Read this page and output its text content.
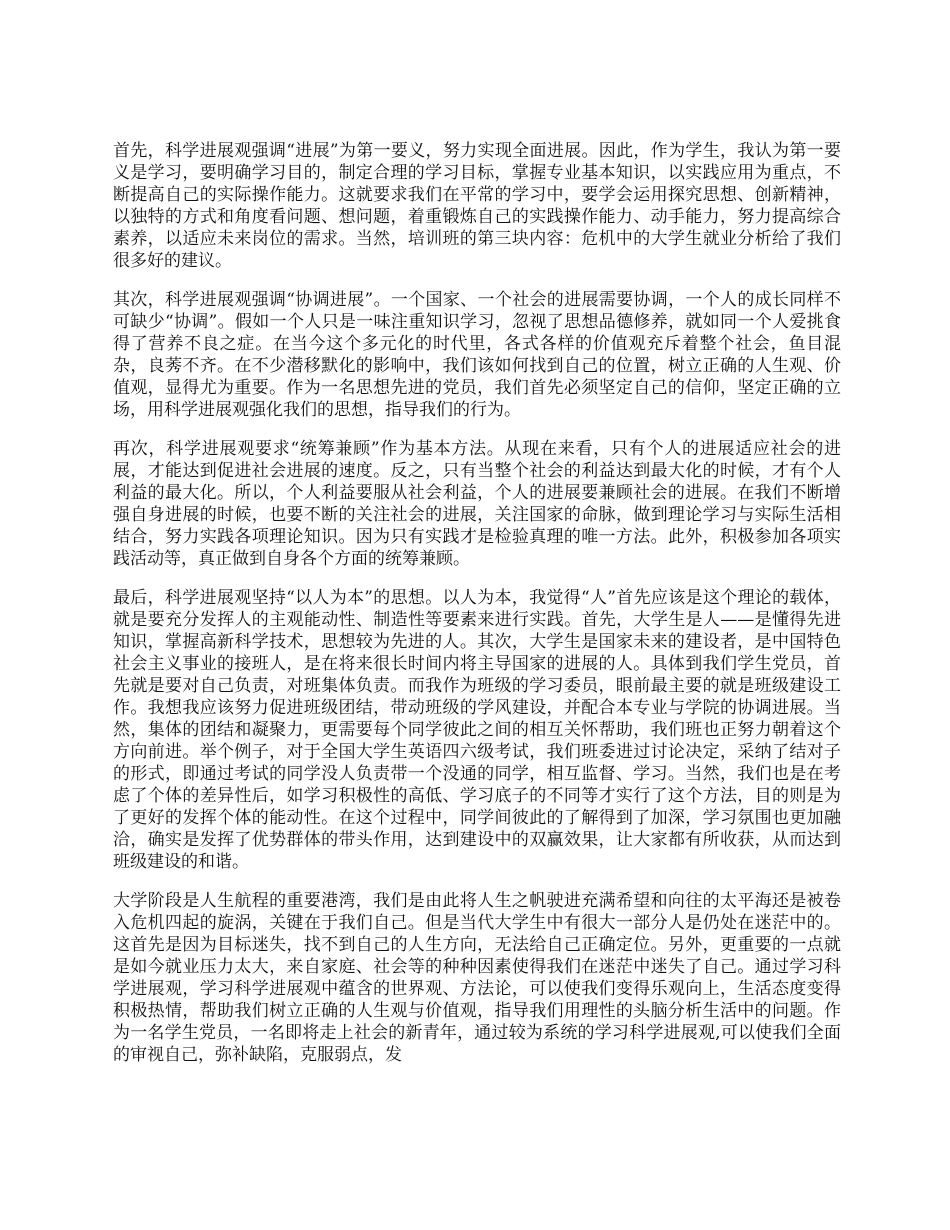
首先，科学进展观强调“进展”为第一要义，努力实现全面进展。因此，作为学生，我认为第一要义是学习，要明确学习目的，制定合理的学习目标，掌握专业基本知识，以实践应用为重点，不断提高自己的实际操作能力。这就要求我们在平常的学习中，要学会运用探究思想、创新精神，以独特的方式和角度看问题、想问题，着重锻炼自己的实践操作能力、动手能力，努力提高综合素养，以适应未来岗位的需求。当然，培训班的第三块内容：危机中的大学生就业分析给了我们很多好的建议。

其次，科学进展观强调“协调进展”。一个国家、一个社会的进展需要协调，一个人的成长同样不可缺少“协调”。假如一个人只是一味注重知识学习，忽视了思想品德修养，就如同一个人爱挑食得了营养不良之症。在当今这个多元化的时代里，各式各样的价值观充斥着整个社会，鱼目混杂，良莠不齐。在不少潜移默化的影响中，我们该如何找到自己的位置，树立正确的人生观、价值观，显得尤为重要。作为一名思想先进的党员，我们首先必须坚定自己的信仰，坚定正确的立场，用科学进展观强化我们的思想，指导我们的行为。

再次，科学进展观要求“统筹兼顾”作为基本方法。从现在来看，只有个人的进展适应社会的进展，才能达到促进社会进展的速度。反之，只有当整个社会的利益达到最大化的时候，才有个人利益的最大化。所以，个人利益要服从社会利益，个人的进展要兼顾社会的进展。在我们不断增强自身进展的时候，也要不断的关注社会的进展，关注国家的命脉，做到理论学习与实际生活相结合，努力实践各项理论知识。因为只有实践才是检验真理的唯一方法。此外，积极参加各项实践活动等，真正做到自身各个方面的统筹兼顾。

最后，科学进展观坚持“以人为本”的思想。以人为本，我觉得“人”首先应该是这个理论的载体，就是要充分发挥人的主观能动性、制造性等要素来进行实践。首先，大学生是人——是懂得先进知识，掌握高新科学技术，思想较为先进的人。其次，大学生是国家未来的建设者，是中国特色社会主义事业的接班人，是在将来很长时间内将主导国家的进展的人。具体到我们学生党员，首先就是要对自己负责，对班集体负责。而我作为班级的学习委员，眼前最主要的就是班级建设工作。我想我应该努力促进班级团结，带动班级的学风建设，并配合本专业与学院的协调进展。当然，集体的团结和凝聚力，更需要每个同学彼此之间的相互关怀帮助，我们班也正努力朝着这个方向前进。举个例子，对于全国大学生英语四六级考试，我们班委进过讨论决定，采纳了结对子的形式，即通过考试的同学没人负责带一个没通的同学，相互监督、学习。当然，我们也是在考虑了个体的差异性后，如学习积极性的高低、学习底子的不同等才实行了这个方法，目的则是为了更好的发挥个体的能动性。在这个过程中，同学间彼此的了解得到了加深，学习氛围也更加融洽，确实是发挥了优势群体的带头作用，达到建设中的双赢效果，让大家都有所收获，从而达到班级建设的和谐。

大学阶段是人生航程的重要港湾，我们是由此将人生之帆驶进充满希望和向往的太平海还是被卷入危机四起的旋涡，关键在于我们自己。但是当代大学生中有很大一部分人是仍处在迷茫中的。这首先是因为目标迷失，找不到自己的人生方向，无法给自己正确定位。另外，更重要的一点就是如今就业压力太大，来自家庭、社会等的种种因素使得我们在迷茫中迷失了自己。通过学习科学进展观，学习科学进展观中蕴含的世界观、方法论，可以使我们变得乐观向上，生活态度变得积极热情，帮助我们树立正确的人生观与价值观，指导我们用理性的头脑分析生活中的问题。作为一名学生党员，一名即将走上社会的新青年，通过较为系统的学习科学进展观,可以使我们全面的审视自己，弥补缺陷，克服弱点，发
